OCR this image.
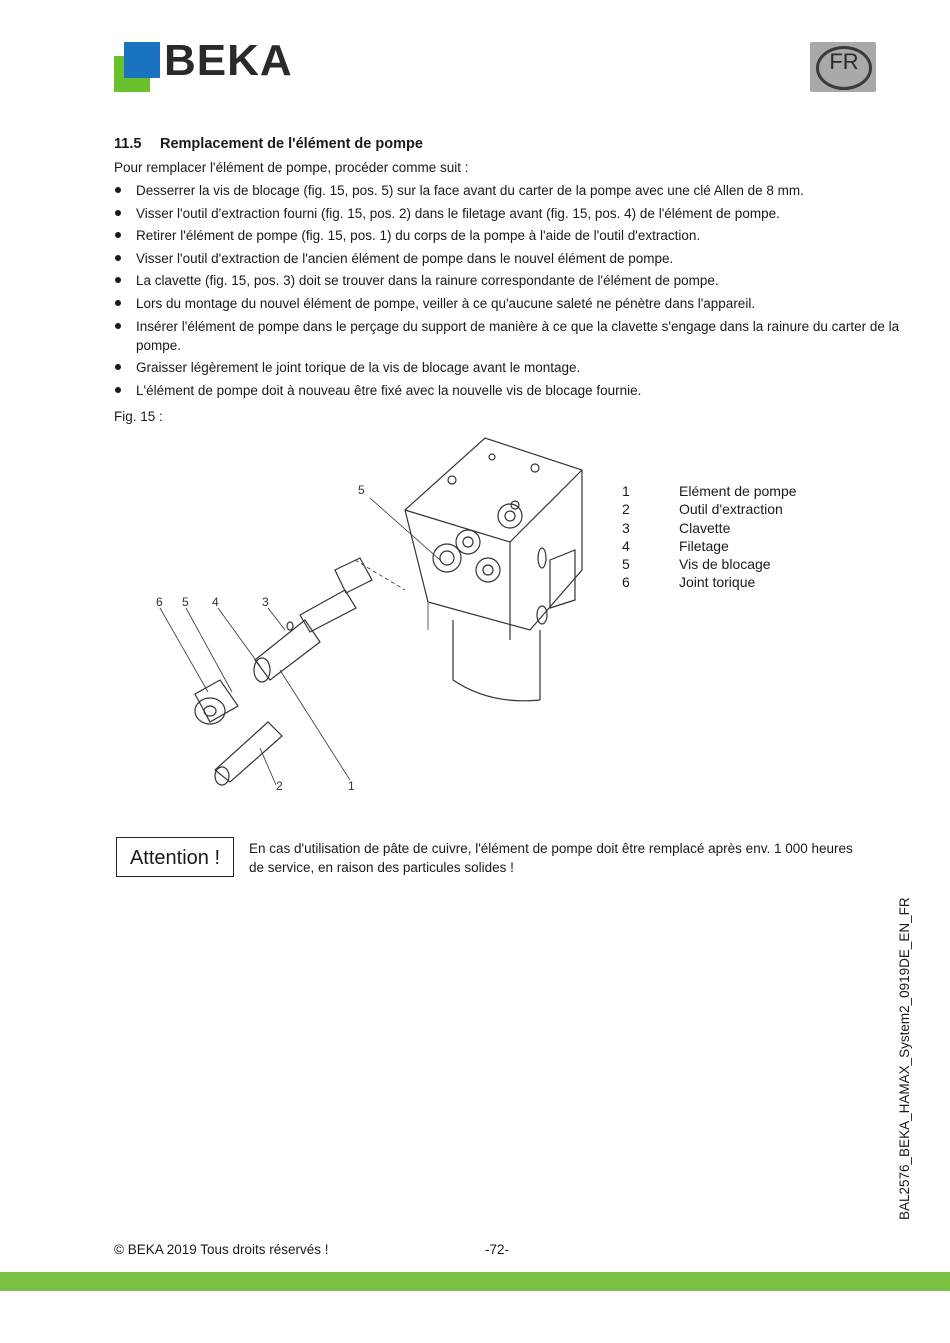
BEKA	FR
11.5 Remplacement de l'élément de pompe
Pour remplacer l'élément de pompe, procéder comme suit :
Desserrer la vis de blocage (fig. 15, pos. 5) sur la face avant du carter de la pompe avec une clé Allen de 8 mm.
Visser l'outil d'extraction fourni (fig. 15, pos. 2) dans le filetage avant (fig. 15, pos. 4) de l'élément de pompe.
Retirer l'élément de pompe (fig. 15, pos. 1) du corps de la pompe à l'aide de l'outil d'extraction.
Visser l'outil d'extraction de l'ancien élément de pompe dans le nouvel élément de pompe.
La clavette (fig. 15, pos. 3) doit se trouver dans la rainure correspondante de l'élément de pompe.
Lors du montage du nouvel élément de pompe, veiller à ce qu'aucune saleté ne pénètre dans l'appareil.
Insérer l'élément de pompe dans le perçage du support de manière à ce que la clavette s'engage dans la rainure du carter de la pompe.
Graisser légèrement le joint torique de la vis de blocage avant le montage.
L'élément de pompe doit à nouveau être fixé avec la nouvelle vis de blocage fournie.
Fig. 15 :
5
6 5 4	3
2	1
1	Elément de pompe
2	Outil d'extraction
3	Clavette
4	Filetage
5	Vis de blocage
6	Joint torique
Attention !	En cas d'utilisation de pâte de cuivre, l'élément de pompe doit être remplacé après env. 1 000 heures de service, en raison des particules solides !
BAL2576_BEKA_HAMAX_System2_0919DE_EN_FR
© BEKA 2019 Tous droits réservés !	-72-
